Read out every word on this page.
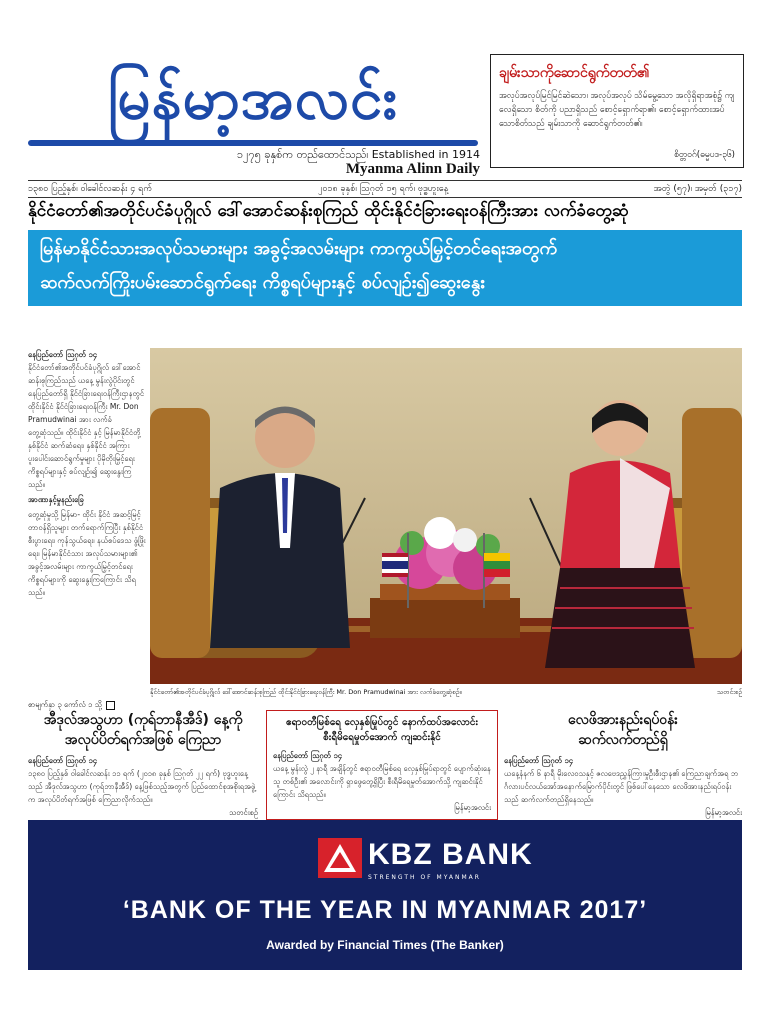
မြန်မာ့အလင်း
၁၂၇၅ ခုနှစ်က တည်ထောင်သည်၊ Established in 1914
Myanma Alinn Daily
ချမ်းသာကိုဆောင်ရွက်တတ်၏
အလုပ်အလုပ်မြင်မြင်ဆဲသော၊ အလုပ်အလုပ် သိမ်မွေ့သော အလိုရှိရာအစုံ၌ ကျလေရှိသော စိတ်ကို ပညာရှိသည် စောင့်ရှောက်ရာ၏၊ စောင့်ရှောက်ထားအပ်သောစိတ်သည် ချမ်းသာကို ဆောင်ရွက်တတ်၏၊
စိတ္တဝဂ်(ဓမ္မပဒ-၃၆)
၁၃၈၀ ပြည့်နှစ်၊ ဝါခေါင်လဆန်း ၄ ရက်	၂၀၁၈ ခုနှစ်၊ ဩဂုတ် ၁၅ ရက်၊ ဗုဒ္ဓဟူးနေ့	အတွဲ (၅၇)၊ အမှတ် (၃၁၇)
နိုင်ငံတော်၏အတိုင်ပင်ခံပုဂ္ဂိုလ် ဒေါ်အောင်ဆန်းစုကြည် ထိုင်းနိုင်ငံခြားရေးဝန်ကြီးအား လက်ခံတွေ့ဆုံ
မြန်မာနိုင်ငံသားအလုပ်သမားများ အခွင့်အလမ်းများ ကာကွယ်မြှင့်တင်ရေးအတွက်
ဆက်လက်ကြိုးပမ်းဆောင်ရွက်ရေး ကိစ္စရပ်များနှင့် စပ်လျဉ်း၍ဆွေးနွေး
နေပြည်တော် ဩဂုတ် ၁၄
နိုင်ငံတော်၏အတိုင်ပင်ခံပုဂ္ဂိုလ် ဒေါ်အောင်ဆန်းစုကြည်သည် ယနေ့ မွန်းလွဲပိုင်းတွင် နေပြည်တော်ရှိ နိုင်ငံခြားရေးဝန်ကြီးဌာနတွင် ထိုင်းနိုင်ငံ နိုင်ငံခြားရေးဝန်ကြီး Mr. Don Pramudwinai အား လက်ခံတွေ့ဆုံသည်။ ထိုင်းနိုင်ငံ နှင့် မြန်မာနိုင်ငံတို့ နှစ်နိုင်ငံ ဆက်ဆံရေး၊ နှစ်နိုင်ငံ အကြား ပူးပေါင်းဆောင်ရွက်မှုများ ပိုမိုတိုးမြှင့်ရေး ကိစ္စရပ်များနှင့် စပ်လျဉ်း၍ ဆွေးနွေးကြသည်။
အာဏာနှင့်မှုနည်းခြေ
တွေ့ဆုံမှုသို့ မြန်မာ- ထိုင်း နိုင်ငံ အဆင့်မြင့်တာဝန်ရှိသူများ တက်ရောက်ကြပြီး နှစ်နိုင်ငံ စီးပွားရေး၊ ကုန်သွယ်ရေး၊ နယ်စပ်ဒေသ ဖွံ့ဖြိုးရေး၊ မြန်မာနိုင်ငံသား အလုပ်သမားများ၏ အခွင့်အလမ်းများ ကာကွယ်မြှင့်တင်ရေး ကိစ္စရပ်များကို ဆွေးနွေးကြကြောင်း သိရသည်။
စာမျက်နှာ ၃ ကော်လံ ၁ သို့
နိုင်ငံတော်၏အတိုင်ပင်ခံပုဂ္ဂိုလ် ဒေါ်အောင်ဆန်းစုကြည် ထိုင်းနိုင်ငံခြားရေးဝန်ကြီး Mr. Don Pramudwinai အား လက်ခံတွေ့ဆုံစဉ်။	သတင်းစဉ်
အီဒုလ်အသွဟာ (ကုရ်ဘာနီအီဒ်) နေ့ကို
အလုပ်ပိတ်ရက်အဖြစ် ကြေညာ
နေပြည်တော် ဩဂုတ် ၁၄
၁၃၈၀ ပြည့်နှစ် ဝါခေါင်လဆန်း ၁၁ ရက် (၂၀၁၈ ခုနှစ် ဩဂုတ် ၂၂ ရက်) ဗုဒ္ဓဟူးနေ့သည် အီဒုလ်အသွဟာ (ကုရ်ဘာနီအီဒ်) နေ့ဖြစ်သည့်အတွက် ပြည်ထောင်စုအစိုးရအဖွဲ့က အလုပ်ပိတ်ရက်အဖြစ် ကြေညာလိုက်သည်။
သတင်းစဉ်
ဧရာဝတီမြစ်ရေ လှေနှစ်မြုပ်တွင် နောက်ထပ်အလောင်း
စီးရီမိရေမှုတ်အောက် ကျဆင်းနိုင်
နေပြည်တော် ဩဂုတ် ၁၄
ယနေ့ မွန်းလွဲ ၂ နာရီ အချိန်တွင် ဧရာဝတီမြစ်ရေ လှေနှစ်မြုပ်ရာတွင် ပျောက်ဆုံးနေသူ တစ်ဦး၏ အလောင်းကို ရှာဖွေတွေ့ရှိပြီး စီးရီမိရေမှုတ်အောက်သို့ ကျဆင်းနိုင်ကြောင်း သိရသည်။
မြန်မာ့အလင်း
လေဖိအားနည်းရပ်ဝန်း
ဆက်လက်တည်ရှိ
နေပြည်တော် ဩဂုတ် ၁၄
ယနေ့နံနက် ၆ နာရီ မိုးလေဝသနှင့် ဇလဗေဒညွှန်ကြားမှုဦးစီးဌာန၏ ကြေညာချက်အရ ဘင်္ဂလားပင်လယ်အော်အနောက်မြောက်ပိုင်းတွင် ဖြစ်ပေါ်နေသော လေဖိအားနည်းရပ်ဝန်းသည် ဆက်လက်တည်ရှိနေသည်။
မြန်မာ့အလင်း
KBZ BANK
STRENGTH OF MYANMAR
‘BANK OF THE YEAR IN MYANMAR 2017’
Awarded by Financial Times (The Banker)
